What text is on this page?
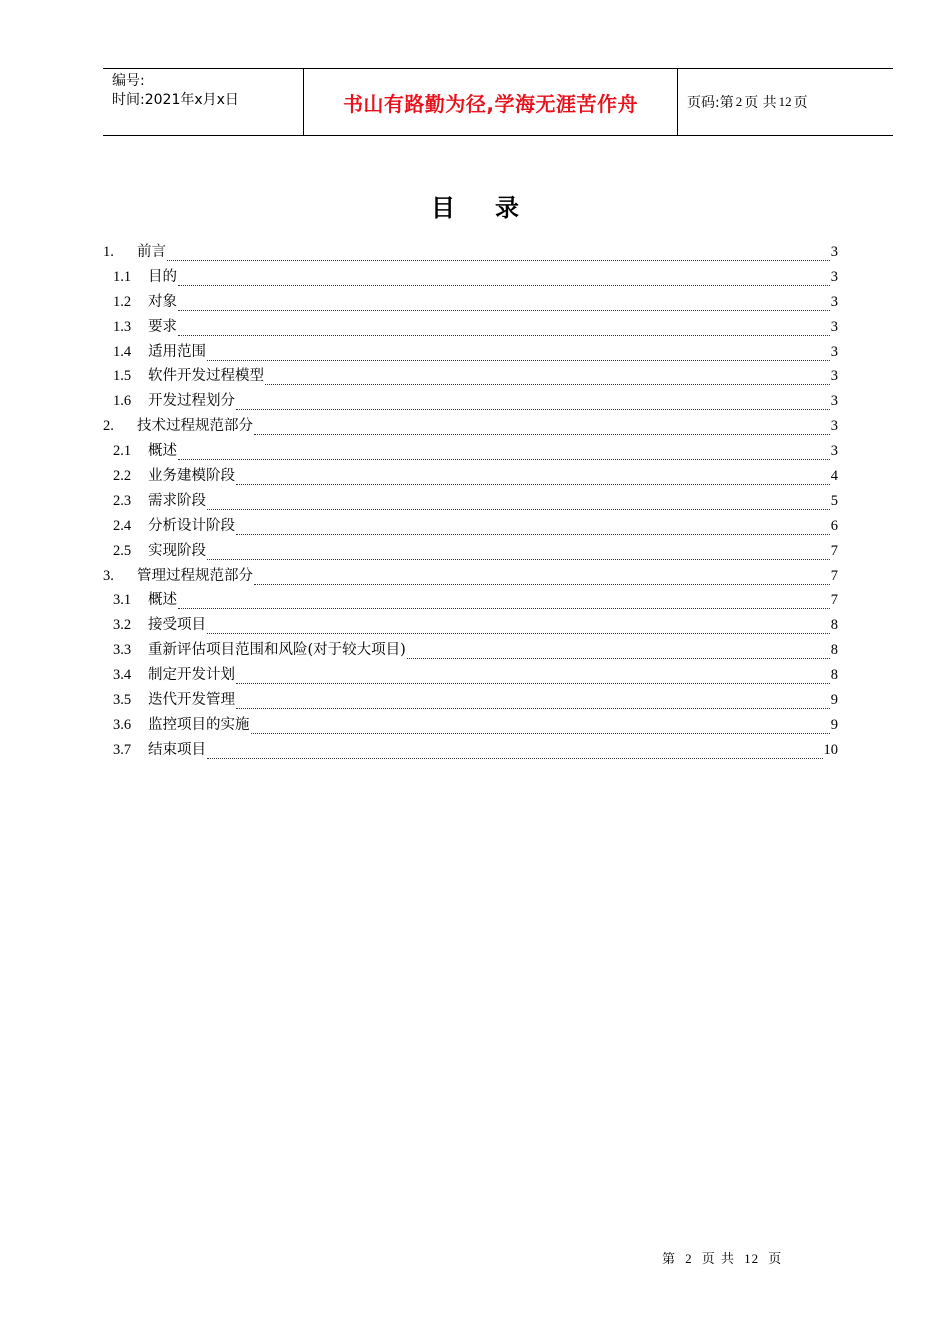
编号:
时间:2021年x月x日	书山有路勤为径,学海无涯苦作舟	页码:第 2 页 共 12 页
目录
1.	前言	3
1.1	目的	3
1.2	对象	3
1.3	要求	3
1.4	适用范围	3
1.5	软件开发过程模型	3
1.6	开发过程划分	3
2.	技术过程规范部分	3
2.1	概述	3
2.2	业务建模阶段	4
2.3	需求阶段	5
2.4	分析设计阶段	6
2.5	实现阶段	7
3.	管理过程规范部分	7
3.1	概述	7
3.2	接受项目	8
3.3	重新评估项目范围和风险(对于较大项目)	8
3.4	制定开发计划	8
3.5	迭代开发管理	9
3.6	监控项目的实施	9
3.7	结束项目	10
第 2 页 共 12 页
